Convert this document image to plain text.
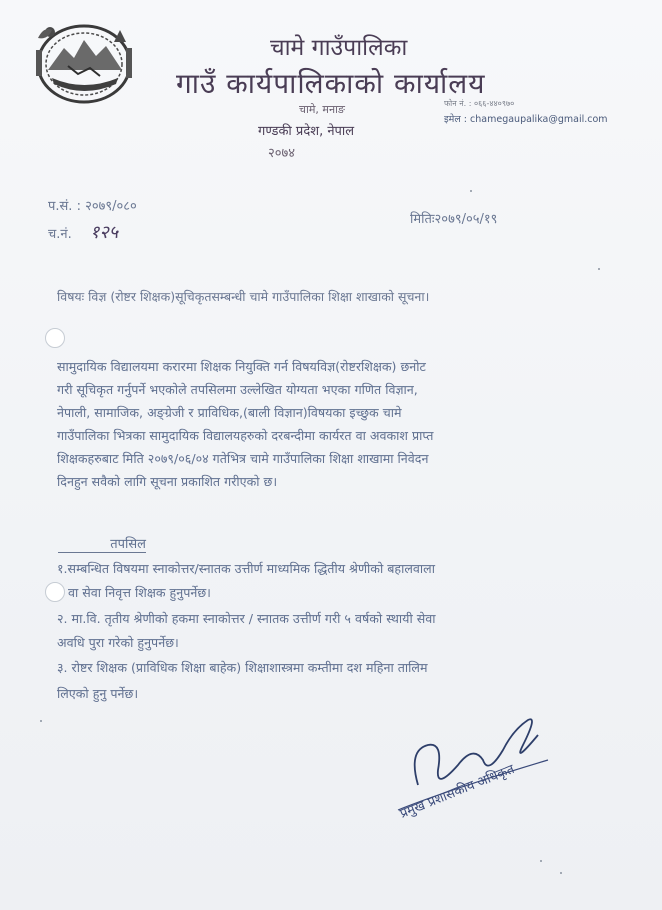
चामे गाउँपालिका
गाउँ कार्यपालिकाको कार्यालय
चामे, मनाङ
गण्डकी प्रदेश, नेपाल
२०७४
फोन नं. : ०६६-४४०९७०
इमेल : chamegaupalika@gmail.com
प.सं. : २०७९/०८०
च.नं. १२५
मितिः२०७९/०५/१९
विषयः विज्ञ (रोष्टर शिक्षक)सूचिकृतसम्बन्धी चामे गाउँपालिका शिक्षा शाखाको सूचना।
सामुदायिक विद्यालयमा करारमा शिक्षक नियुक्ति गर्न विषयविज्ञ(रोष्टरशिक्षक) छनोट
गरी सूचिकृत गर्नुपर्ने भएकोले तपसिलमा उल्लेखित योग्यता भएका गणित विज्ञान,
नेपाली, सामाजिक, अङ्ग्रेजी र प्राविधिक,(बाली विज्ञान)विषयका इच्छुक चामे
गाउँपालिका भित्रका सामुदायिक विद्यालयहरुको दरबन्दीमा कार्यरत वा अवकाश प्राप्त
शिक्षकहरुबाट मिति २०७९/०६/०४ गतेभित्र चामे गाउँपालिका शिक्षा शाखामा निवेदन
दिनहुन सवैको लागि सूचना प्रकाशित गरीएको छ।
तपसिल
१.सम्बन्धित विषयमा स्नाकोत्तर/स्नातक उत्तीर्ण माध्यमिक द्धितीय श्रेणीको बहालवाला
वा सेवा निवृत्त शिक्षक हुनुपर्नेछ।
२. मा.वि. तृतीय श्रेणीको हकमा स्नाकोत्तर / स्नातक उत्तीर्ण गरी ५ वर्षको स्थायी सेवा
अवधि पुरा गरेको हुनुपर्नेछ।
३. रोष्टर शिक्षक (प्राविधिक शिक्षा बाहेक) शिक्षाशास्त्रमा कम्तीमा दश महिना तालिम
लिएको हुनु पर्नेछ।
प्रमुख प्रशासकीय अधिकृत
